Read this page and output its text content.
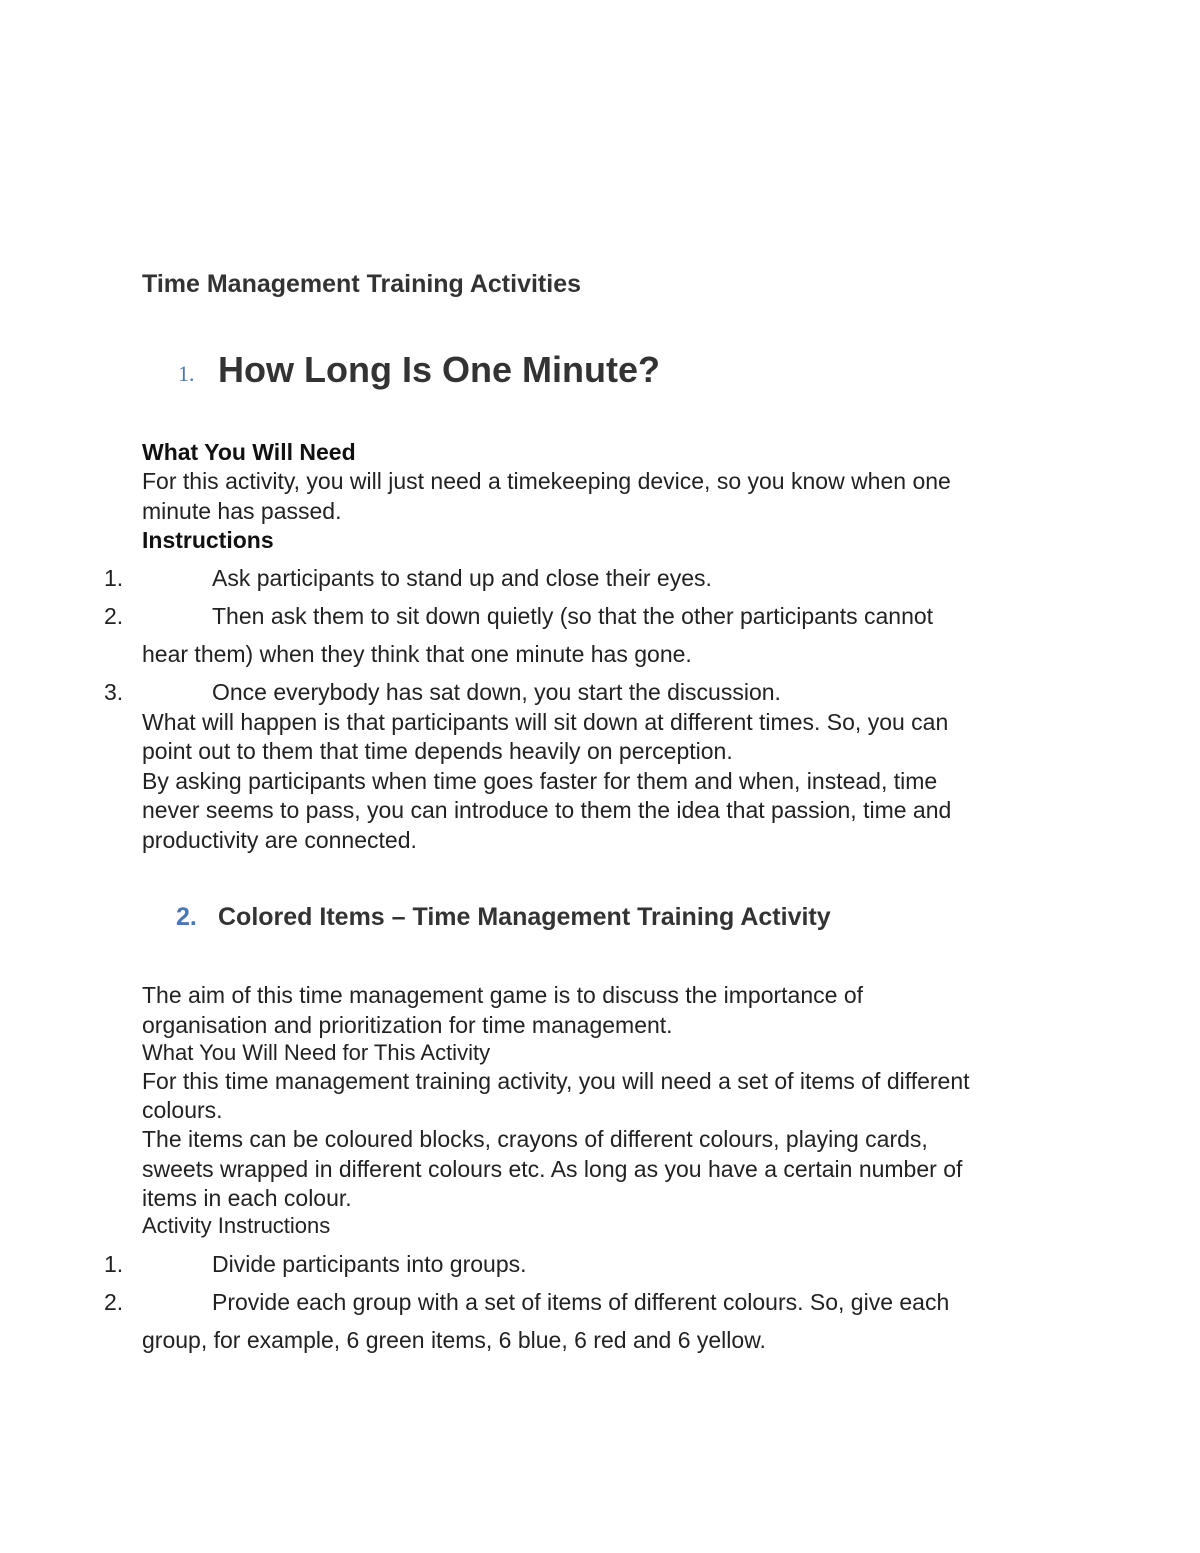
Time Management Training Activities
1. How Long Is One Minute?
What You Will Need
For this activity, you will just need a timekeeping device, so you know when one
minute has passed.
Instructions
1.	Ask participants to stand up and close their eyes.
2.	Then ask them to sit down quietly (so that the other participants cannot
hear them) when they think that one minute has gone.
3.	Once everybody has sat down, you start the discussion.
What will happen is that participants will sit down at different times. So, you can
point out to them that time depends heavily on perception.
By asking participants when time goes faster for them and when, instead, time
never seems to pass, you can introduce to them the idea that passion, time and
productivity are connected.
2. Colored Items – Time Management Training Activity
The aim of this time management game is to discuss the importance of
organisation and prioritization for time management.
What You Will Need for This Activity
For this time management training activity, you will need a set of items of different
colours.
The items can be coloured blocks, crayons of different colours, playing cards,
sweets wrapped in different colours etc. As long as you have a certain number of
items in each colour.
Activity Instructions
1.	Divide participants into groups.
2.	Provide each group with a set of items of different colours. So, give each
group, for example, 6 green items, 6 blue, 6 red and 6 yellow.
